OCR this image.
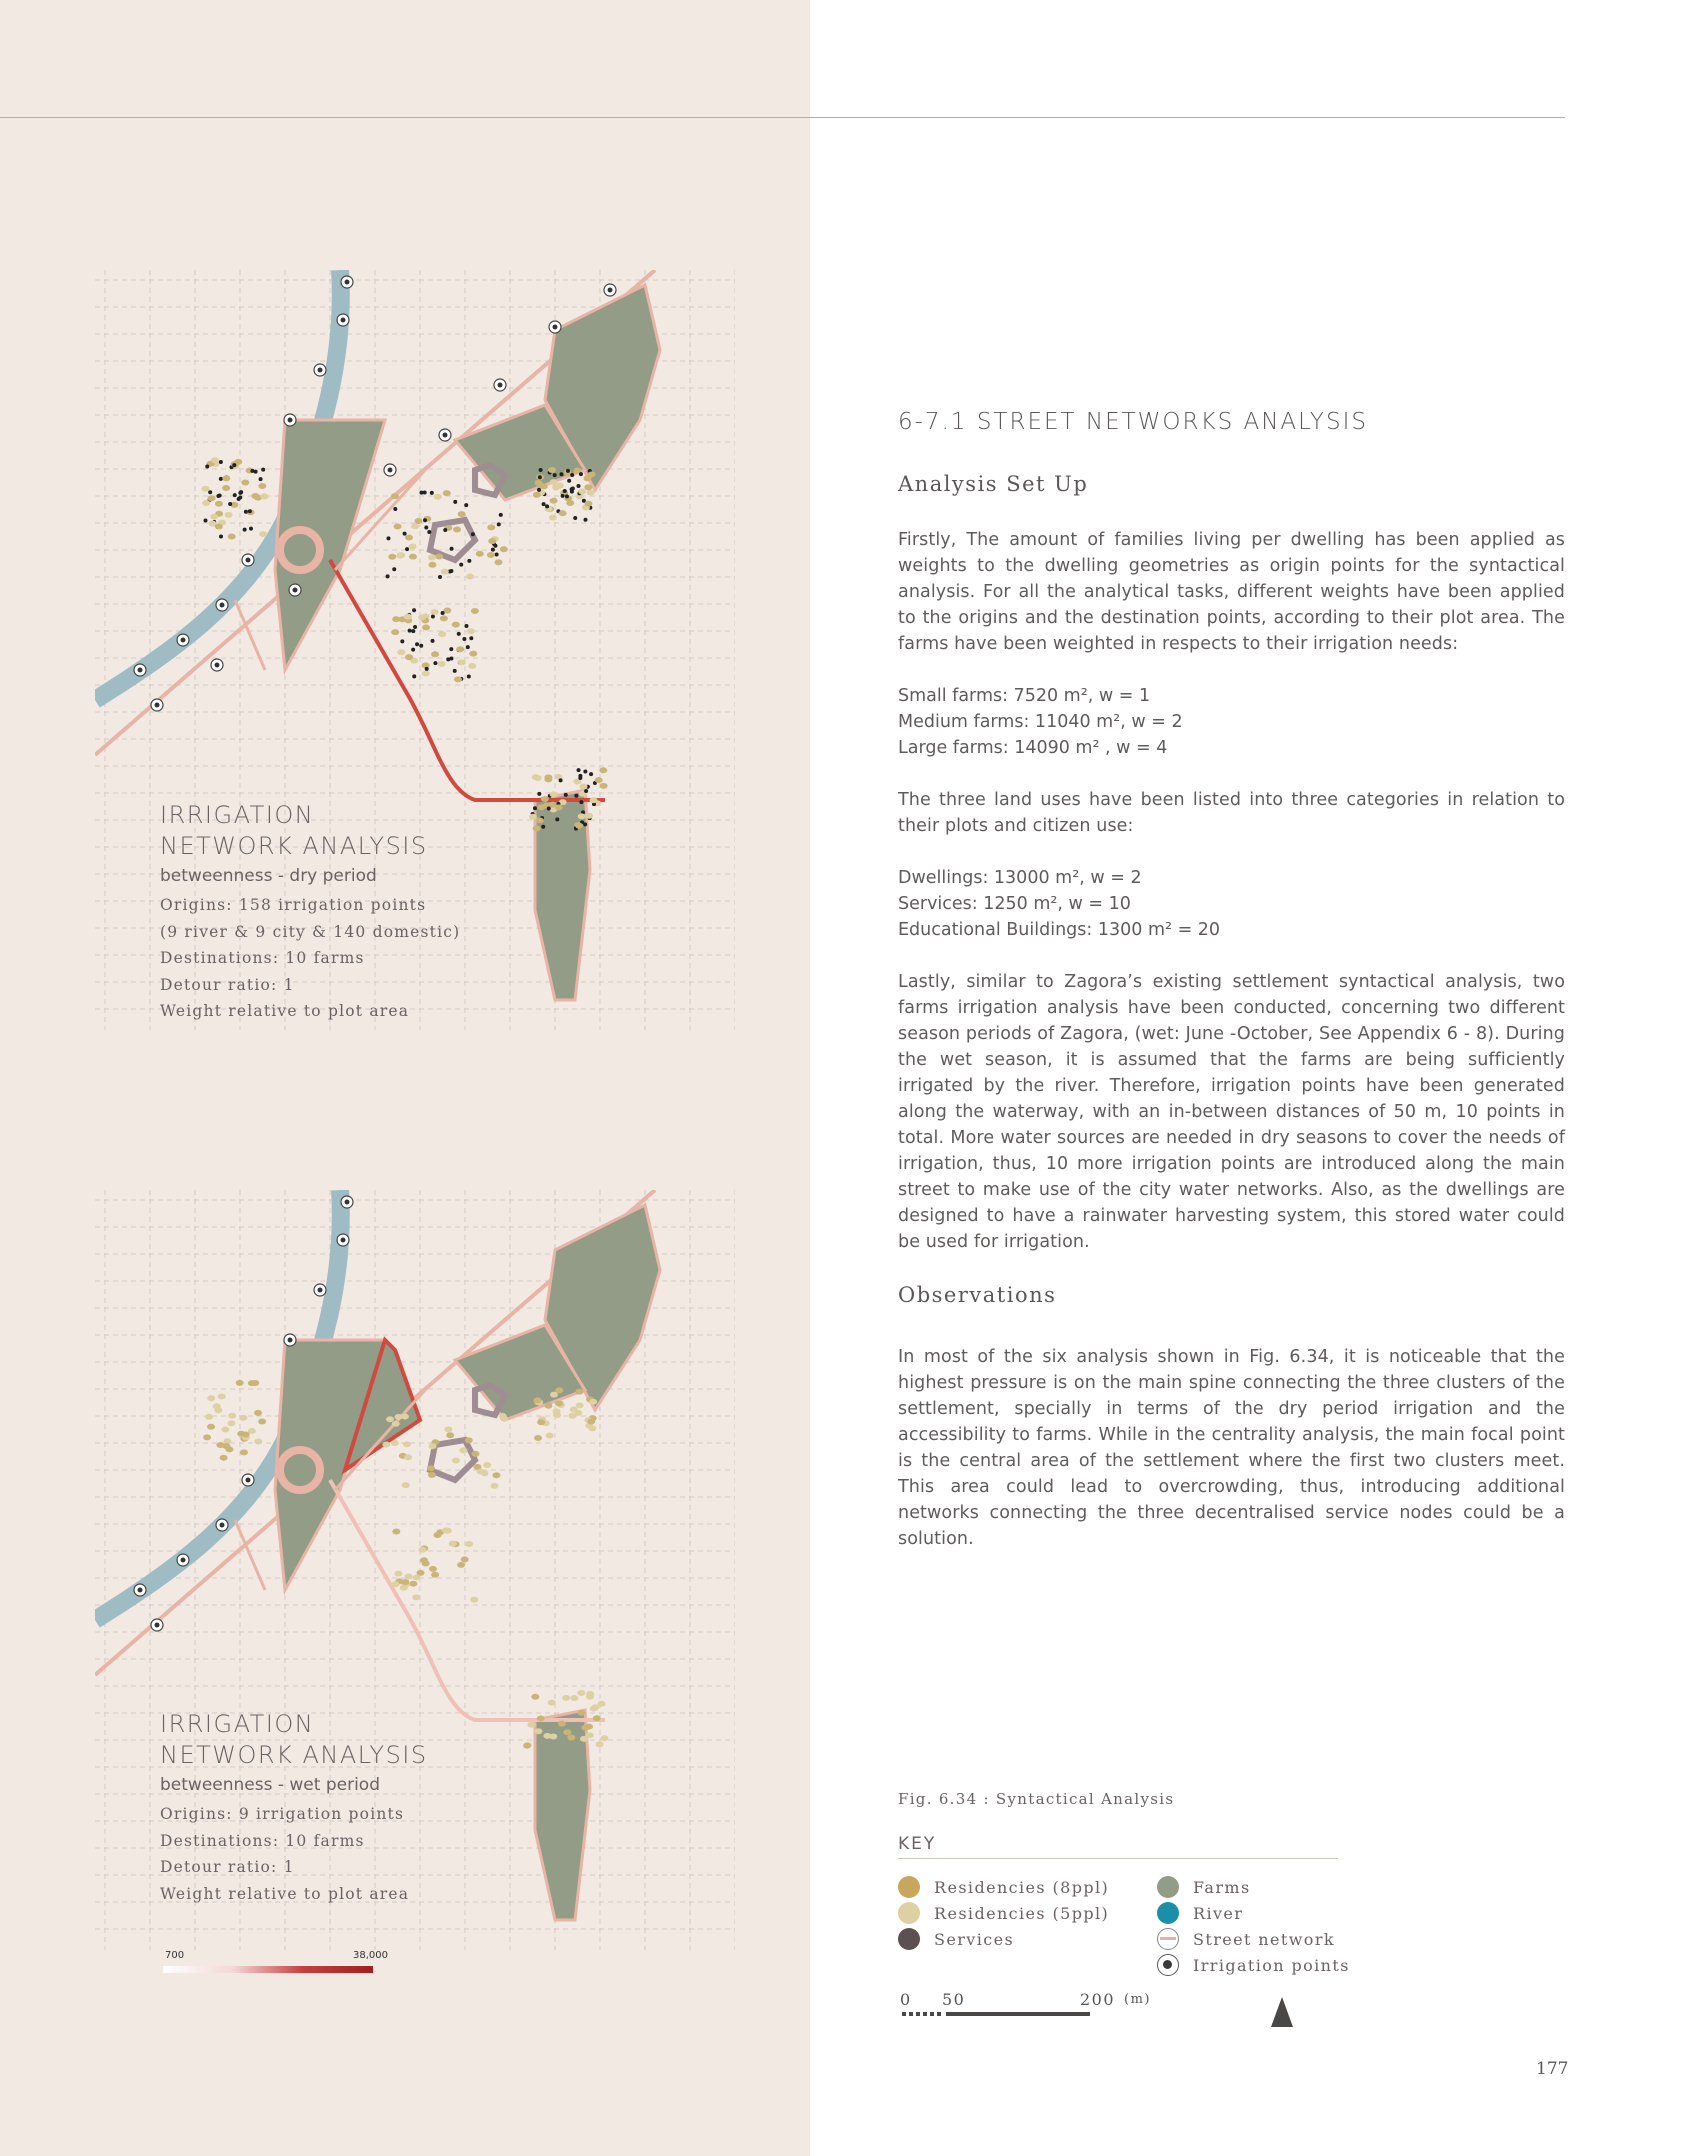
IRRIGATION
NETWORK ANALYSIS
betweenness - dry period
Origins: 158 irrigation points
(9 river & 9 city & 140 domestic)
Destinations: 10 farms
Detour ratio: 1
Weight relative to plot area
IRRIGATION
NETWORK ANALYSIS
betweenness - wet period
Origins: 9 irrigation points
Destinations: 10 farms
Detour ratio: 1
Weight relative to plot area
700	38,000
6-7.1 STREET NETWORKS ANALYSIS
Analysis Set Up

Firstly, The amount of families living per dwelling has been applied as weights to the dwelling geometries as origin points for the syntactical analysis. For all the analytical tasks, different weights have been applied to the origins and the destination points, according to their plot area. The farms have been weighted in respects to their irrigation needs:

Small farms: 7520 m², w = 1

Medium farms: 11040 m², w = 2

Large farms: 14090 m² , w = 4

The three land uses have been listed into three categories in relation to their plots and citizen use:

Dwellings: 13000 m², w = 2

Services: 1250 m², w = 10

Educational Buildings: 1300 m² = 20

Lastly, similar to Zagora’s existing settlement syntactical analysis, two farms irrigation analysis have been conducted, concerning two different season periods of Zagora, (wet: June -October, See Appendix 6 - 8). During the wet season, it is assumed that the farms are being sufficiently irrigated by the river. Therefore, irrigation points have been generated along the waterway, with an in-between distances of 50 m, 10 points in total. More water sources are needed in dry seasons to cover the needs of irrigation, thus, 10 more irrigation points are introduced along the main street to make use of the city water networks. Also, as the dwellings are designed to have a rainwater harvesting system, this stored water could be used for irrigation.

Observations

In most of the six analysis shown in Fig. 6.34, it is noticeable that the highest pressure is on the main spine connecting the three clusters of the settlement, specially in terms of the dry period irrigation and the accessibility to farms. While in the centrality analysis, the main focal point is the central area of the settlement where the first two clusters meet. This area could lead to overcrowding, thus, introducing additional networks connecting the three decentralised service nodes could be a solution.

Fig. 6.34 : Syntactical Analysis
KEY
Residencies (8ppl)
Residencies (5ppl)
Services
Farms
River
Street network
Irrigation points
0 50	200 (m)
177
